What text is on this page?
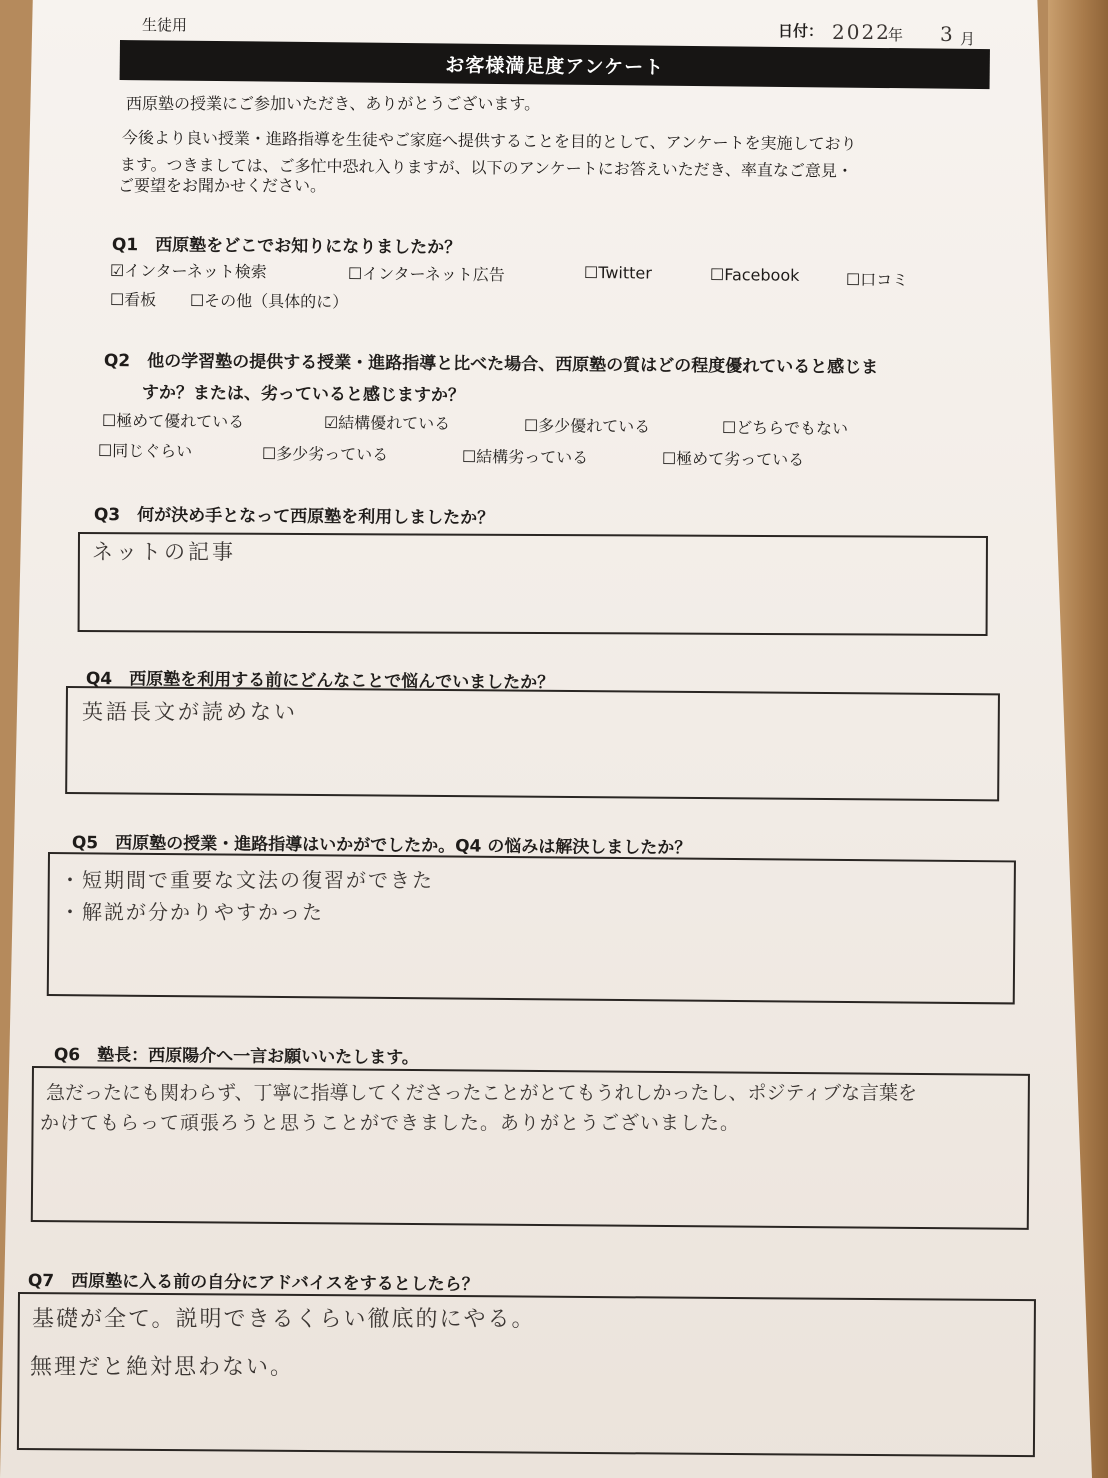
生徒用	日付： 2022
年 3 月
お客様満足度アンケート
西原塾の授業にご参加いただき、ありがとうございます。
今後より良い授業・進路指導を生徒やご家庭へ提供することを目的として、アンケートを実施しており
ます。つきましては、ご多忙中恐れ入りますが、以下のアンケートにお答えいただき、率直なご意見・
ご要望をお聞かせください。
Q1　西原塾をどこでお知りになりましたか？
☑インターネット検索	☐インターネット広告	☐Twitter	☐Facebook	☐口コミ
☐看板 ☐その他（具体的に）
Q2　他の学習塾の提供する授業・進路指導と比べた場合、西原塾の質はどの程度優れていると感じま
すか？または、劣っていると感じますか？
☐極めて優れている	☑結構優れている	☐多少優れている	☐どちらでもない
☐同じぐらい	☐多少劣っている	☐結構劣っている	☐極めて劣っている
Q3　何が決め手となって西原塾を利用しましたか？
ネットの記事
Q4　西原塾を利用する前にどんなことで悩んでいましたか？
英語長文が読めない
Q5　西原塾の授業・進路指導はいかがでしたか。Q4 の悩みは解決しましたか？
・短期間で重要な文法の復習ができた
・解説が分かりやすかった
Q6　塾長：西原陽介へ一言お願いいたします。
急だったにも関わらず、丁寧に指導してくださったことがとてもうれしかったし、ポジティブな言葉を
かけてもらって頑張ろうと思うことができました。ありがとうございました。
Q7　西原塾に入る前の自分にアドバイスをするとしたら？
基礎が全て。説明できるくらい徹底的にやる。
無理だと絶対思わない。
